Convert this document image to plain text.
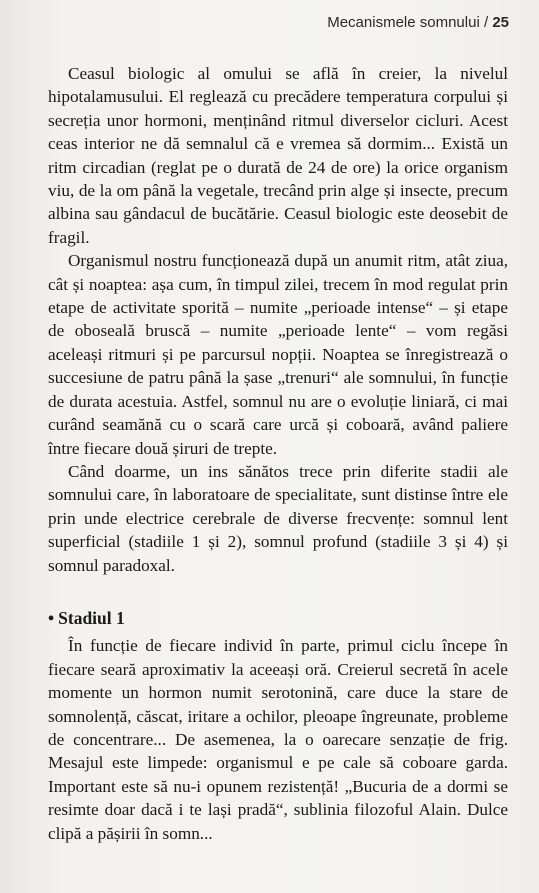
Mecanismele somnului / 25

Ceasul biologic al omului se află în creier, la nivelul hipotalamusului. El reglează cu precădere temperatura corpului și secreția unor hormoni, menținând ritmul diverselor cicluri. Acest ceas interior ne dă semnalul că e vremea să dormim... Există un ritm circadian (reglat pe o durată de 24 de ore) la orice organism viu, de la om până la vegetale, trecând prin alge și insecte, precum albina sau gândacul de bucătărie. Ceasul biologic este deosebit de fragil.

Organismul nostru funcționează după un anumit ritm, atât ziua, cât și noaptea: așa cum, în timpul zilei, trecem în mod regulat prin etape de activitate sporită – numite „perioade intense“ – și etape de oboseală bruscă – numite „perioade lente“ – vom regăsi aceleași ritmuri și pe parcursul nopții. Noaptea se înregistrează o succesiune de patru până la șase „trenuri“ ale somnului, în funcție de durata acestuia. Astfel, somnul nu are o evoluție liniară, ci mai curând seamănă cu o scară care urcă și coboară, având paliere între fiecare două șiruri de trepte.

Când doarme, un ins sănătos trece prin diferite stadii ale somnului care, în laboratoare de specialitate, sunt distinse între ele prin unde electrice cerebrale de diverse frecvențe: somnul lent superficial (stadiile 1 și 2), somnul profund (stadiile 3 și 4) și somnul paradoxal.

• Stadiul 1

În funcție de fiecare individ în parte, primul ciclu începe în fiecare seară aproximativ la aceeași oră. Creierul secretă în acele momente un hormon numit serotonină, care duce la stare de somnolență, căscat, iritare a ochilor, pleoape îngreunate, probleme de concentrare... De asemenea, la o oarecare senzație de frig. Mesajul este limpede: organismul e pe cale să coboare garda. Important este să nu-i opunem rezistență! „Bucuria de a dormi se resimte doar dacă i te lași pradă“, sublinia filozoful Alain. Dulce clipă a pășirii în somn...
